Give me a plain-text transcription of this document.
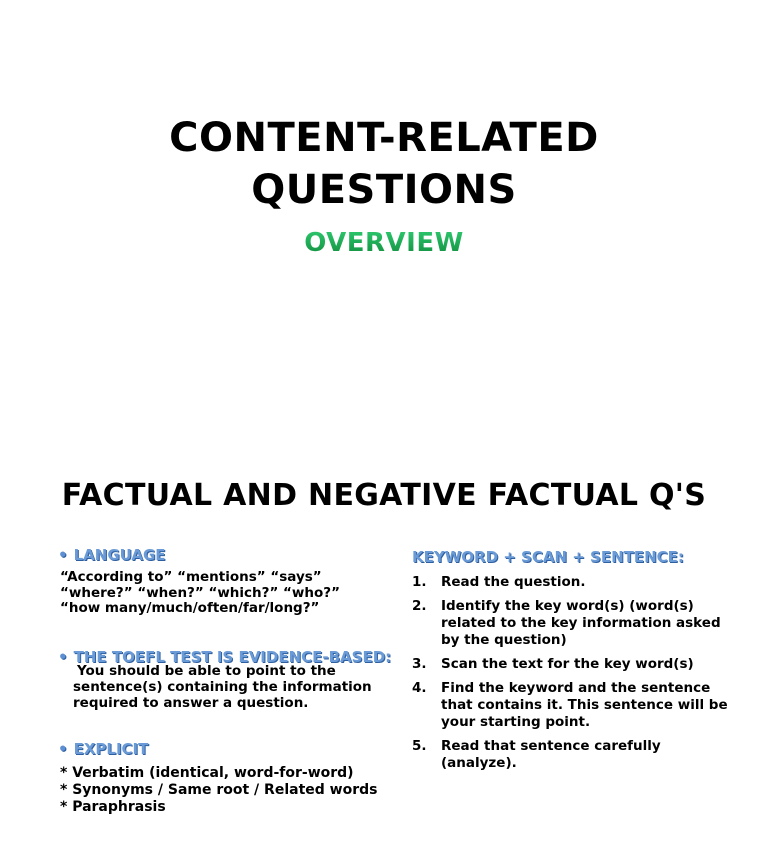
CONTENT-RELATED
QUESTIONS
OVERVIEW
FACTUAL AND NEGATIVE FACTUAL Q'S
• LANGUAGE
“According to” “mentions” “says”
“where?” “when?” “which?” “who?”
“how many/much/often/far/long?”
• THE TOEFL TEST IS EVIDENCE-BASED:
You should be able to point to the
sentence(s) containing the information
required to answer a question.
• EXPLICIT
* Verbatim (identical, word-for-word)
* Synonyms / Same root / Related words
* Paraphrasis
KEYWORD + SCAN + SENTENCE:
1.	Read the question.
2.	Identify the key word(s) (word(s)
related to the key information asked
by the question)
3.	Scan the text for the key word(s)
4.	Find the keyword and the sentence
that contains it. This sentence will be
your starting point.
5.	Read that sentence carefully
(analyze).
